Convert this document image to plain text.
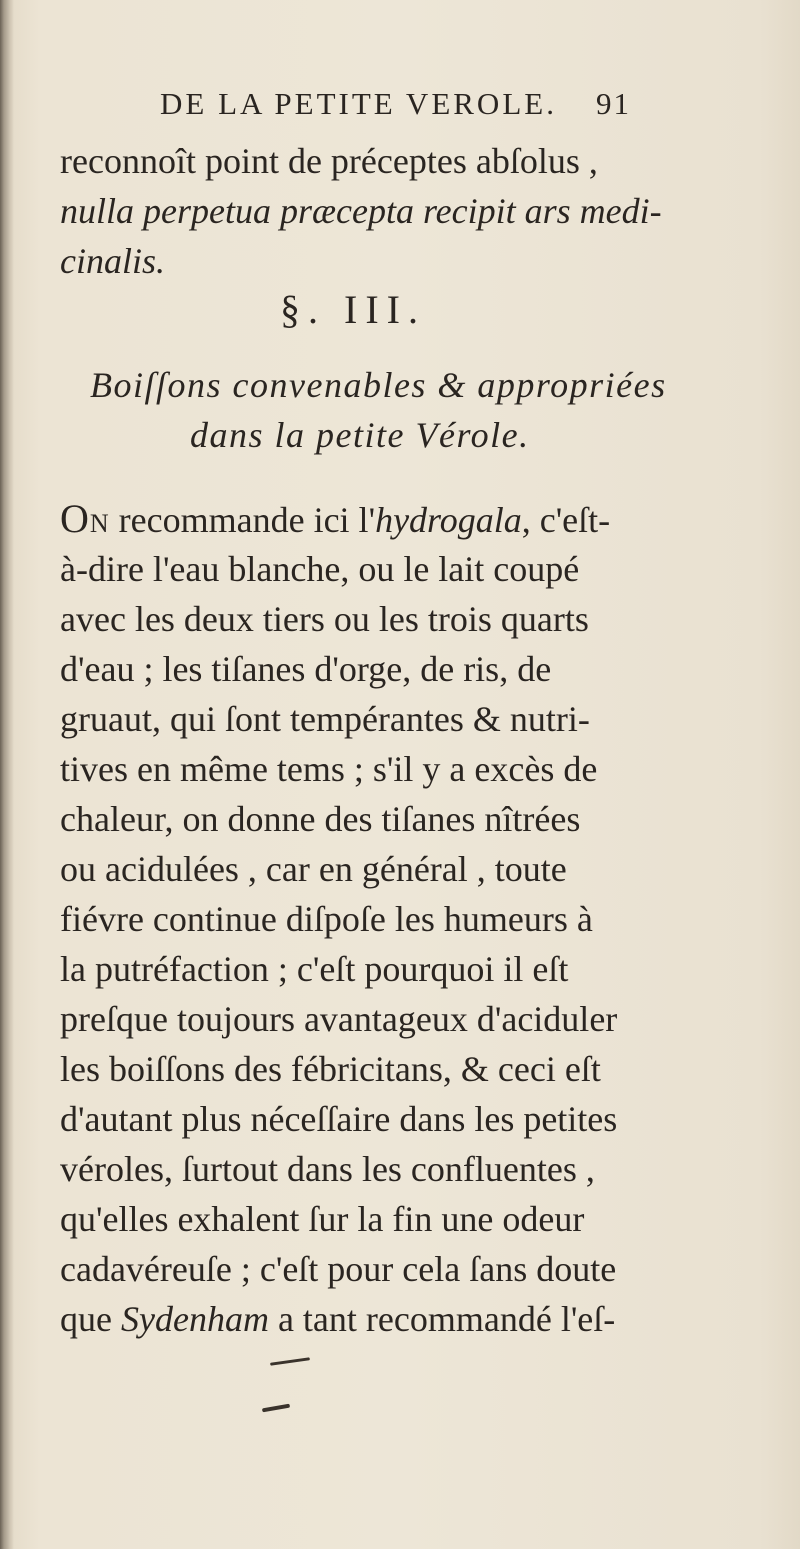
DE LA PETITE VEROLE. 91
reconnoît point de préceptes abſolus ,
nulla perpetua præcepta recipit ars medi-
cinalis.
§. III.
Boiſſons convenables & appropriées
dans la petite Vérole.
ON recommande ici l'hydrogala, c'eſt-
à-dire l'eau blanche, ou le lait coupé
avec les deux tiers ou les trois quarts
d'eau ; les tiſanes d'orge, de ris, de
gruaut, qui ſont tempérantes & nutri-
tives en même tems ; s'il y a excès de
chaleur, on donne des tiſanes nîtrées
ou acidulées , car en général , toute
fiévre continue diſpoſe les humeurs à
la putréfaction ; c'eſt pourquoi il eſt
preſque toujours avantageux d'aciduler
les boiſſons des fébricitans, & ceci eſt
d'autant plus néceſſaire dans les petites
véroles, ſurtout dans les confluentes ,
qu'elles exhalent ſur la fin une odeur
cadavéreuſe ; c'eſt pour cela ſans doute
que Sydenham a tant recommandé l'eſ-
